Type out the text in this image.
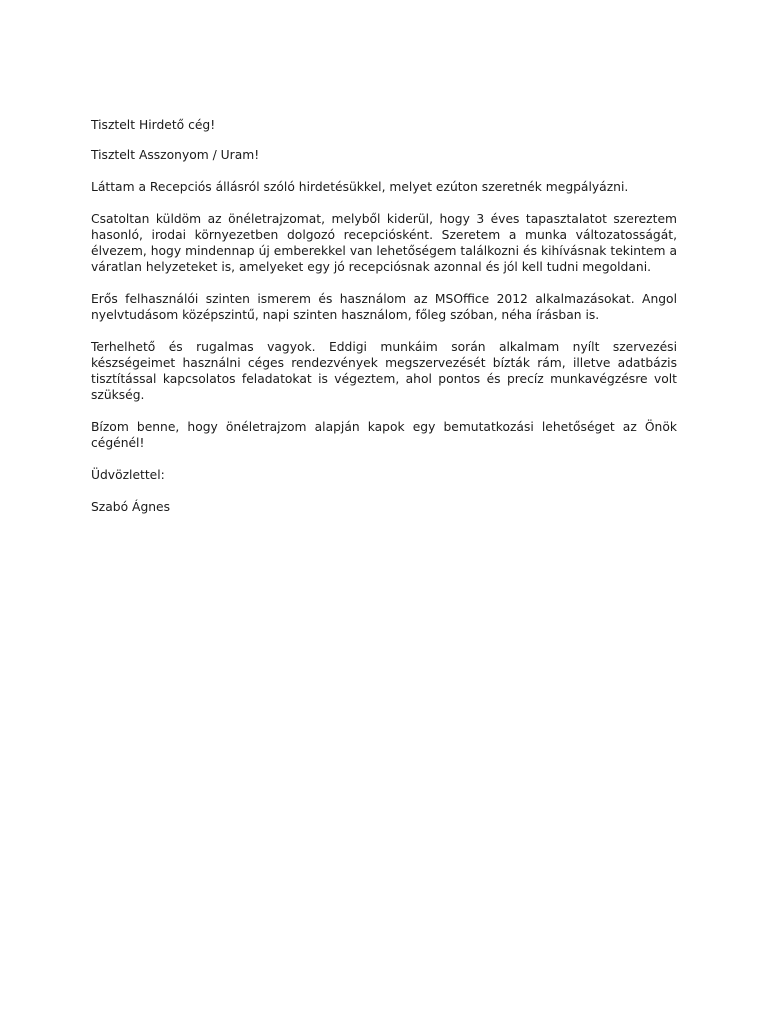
Tisztelt Hirdető cég!

Tisztelt Asszonyom / Uram!

Láttam a Recepciós állásról szóló hirdetésükkel, melyet ezúton szeretnék megpályázni.

Csatoltan küldöm az önéletrajzomat, melyből kiderül, hogy 3 éves tapasztalatot szereztem hasonló, irodai környezetben dolgozó recepciósként. Szeretem a munka változatosságát, élvezem, hogy mindennap új emberekkel van lehetőségem találkozni és kihívásnak tekintem a váratlan helyzeteket is, amelyeket egy jó recepciósnak azonnal és jól kell tudni megoldani.

Erős felhasználói szinten ismerem és használom az MSOffice 2012 alkalmazásokat. Angol nyelvtudásom középszintű, napi szinten használom, főleg szóban, néha írásban is.

Terhelhető és rugalmas vagyok. Eddigi munkáim során alkalmam nyílt szervezési készségeimet használni céges rendezvények megszervezését bízták rám, illetve adatbázis tisztítással kapcsolatos feladatokat is végeztem, ahol pontos és precíz munkavégzésre volt szükség.

Bízom benne, hogy önéletrajzom alapján kapok egy bemutatkozási lehetőséget az Önök cégénél!

Üdvözlettel:

Szabó Ágnes
